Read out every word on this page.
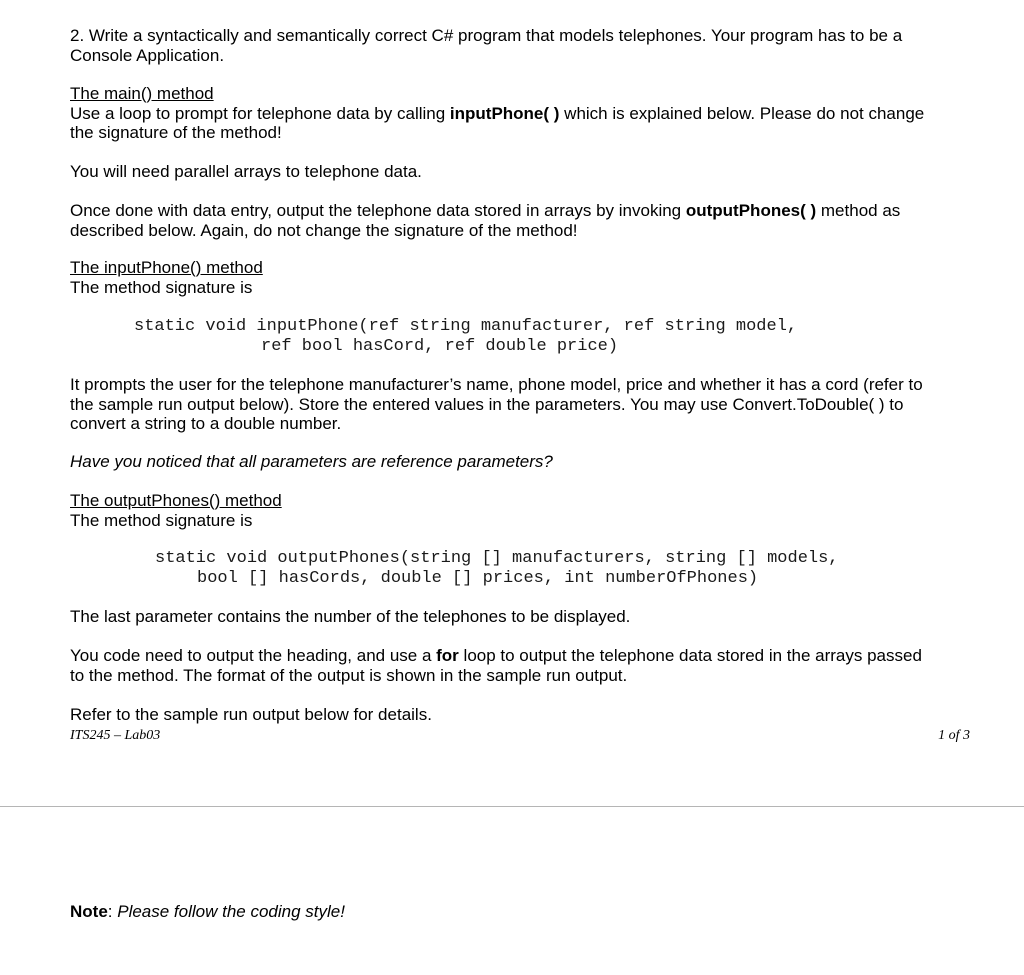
2. Write a syntactically and semantically correct C# program that models telephones. Your program has to be a
Console Application.
The main() method
Use a loop to prompt for telephone data by calling inputPhone( ) which is explained below. Please do not change
the signature of the method!
You will need parallel arrays to telephone data.
Once done with data entry, output the telephone data stored in arrays by invoking outputPhones( ) method as
described below. Again, do not change the signature of the method!
The inputPhone() method
The method signature is
static void inputPhone(ref string manufacturer, ref string model,
ref bool hasCord, ref double price)
It prompts the user for the telephone manufacturer’s name, phone model, price and whether it has a cord (refer to
the sample run output below). Store the entered values in the parameters. You may use Convert.ToDouble( ) to
convert a string to a double number.
Have you noticed that all parameters are reference parameters?
The outputPhones() method
The method signature is
static void outputPhones(string [] manufacturers, string [] models,
bool [] hasCords, double [] prices, int numberOfPhones)
The last parameter contains the number of the telephones to be displayed.
You code need to output the heading, and use a for loop to output the telephone data stored in the arrays passed
to the method. The format of the output is shown in the sample run output.
Refer to the sample run output below for details.
ITS245 – Lab03	1 of 3
Note: Please follow the coding style!
